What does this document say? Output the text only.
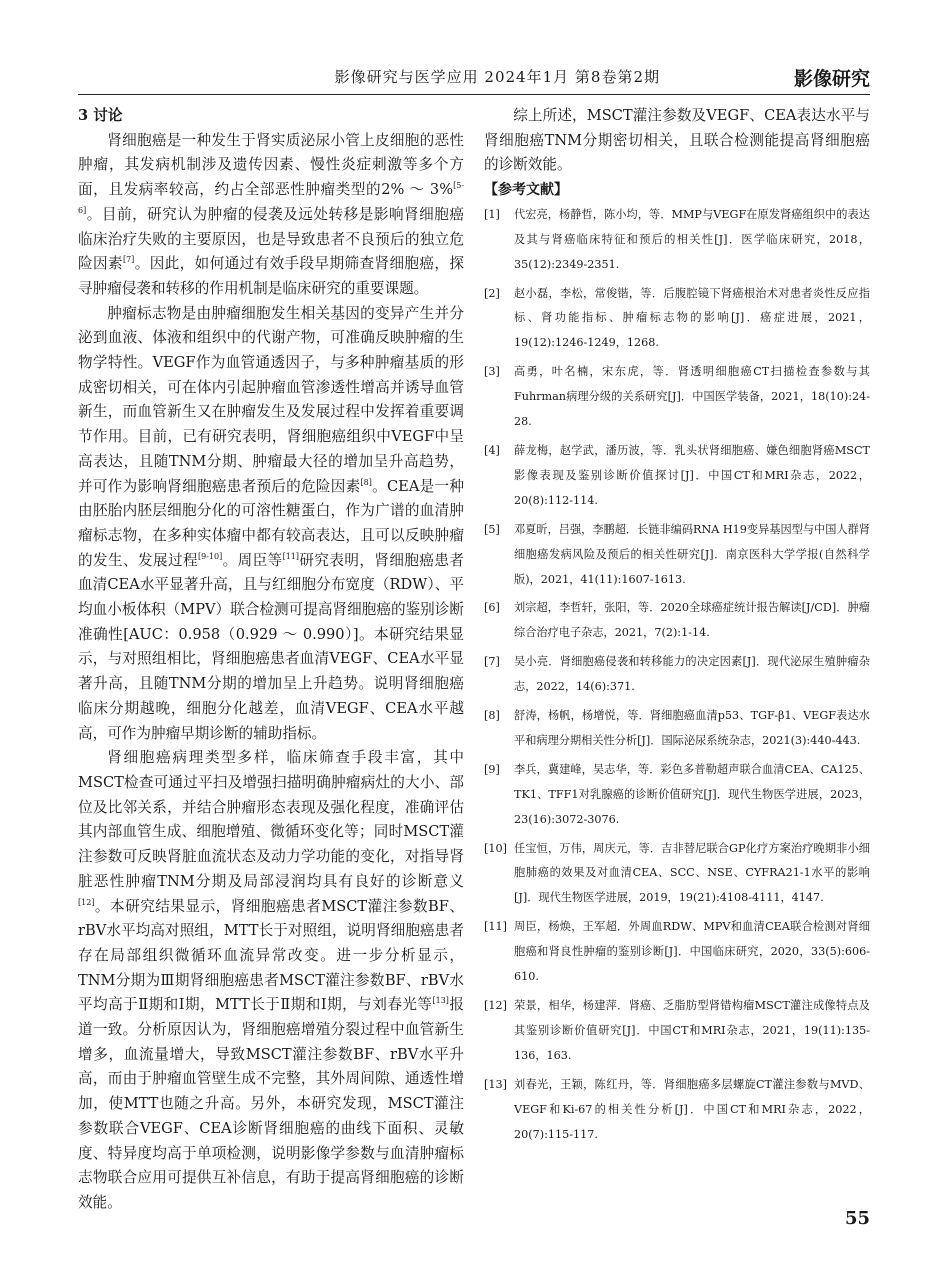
影像研究与医学应用 2024年1月 第8卷第2期	影像研究

3 讨论

肾细胞癌是一种发生于肾实质泌尿小管上皮细胞的恶性肿瘤，其发病机制涉及遗传因素、慢性炎症刺激等多个方面，且发病率较高，约占全部恶性肿瘤类型的2% ～ 3%[5-6]。目前，研究认为肿瘤的侵袭及远处转移是影响肾细胞癌临床治疗失败的主要原因，也是导致患者不良预后的独立危险因素[7]。因此，如何通过有效手段早期筛查肾细胞癌，探寻肿瘤侵袭和转移的作用机制是临床研究的重要课题。

肿瘤标志物是由肿瘤细胞发生相关基因的变异产生并分泌到血液、体液和组织中的代谢产物，可准确反映肿瘤的生物学特性。VEGF作为血管通透因子，与多种肿瘤基质的形成密切相关，可在体内引起肿瘤血管渗透性增高并诱导血管新生，而血管新生又在肿瘤发生及发展过程中发挥着重要调节作用。目前，已有研究表明，肾细胞癌组织中VEGF中呈高表达，且随TNM分期、肿瘤最大径的增加呈升高趋势，并可作为影响肾细胞癌患者预后的危险因素[8]。CEA是一种由胚胎内胚层细胞分化的可溶性糖蛋白，作为广谱的血清肿瘤标志物，在多种实体瘤中都有较高表达，且可以反映肿瘤的发生、发展过程[9-10]。周臣等[11]研究表明，肾细胞癌患者血清CEA水平显著升高，且与红细胞分布宽度（RDW）、平均血小板体积（MPV）联合检测可提高肾细胞癌的鉴别诊断准确性[AUC：0.958（0.929 ～ 0.990）]。本研究结果显示，与对照组相比，肾细胞癌患者血清VEGF、CEA水平显著升高，且随TNM分期的增加呈上升趋势。说明肾细胞癌临床分期越晚，细胞分化越差，血清VEGF、CEA水平越高，可作为肿瘤早期诊断的辅助指标。

肾细胞癌病理类型多样，临床筛查手段丰富，其中MSCT检查可通过平扫及增强扫描明确肿瘤病灶的大小、部位及比邻关系，并结合肿瘤形态表现及强化程度，准确评估其内部血管生成、细胞增殖、微循环变化等；同时MSCT灌注参数可反映肾脏血流状态及动力学功能的变化，对指导肾脏恶性肿瘤TNM分期及局部浸润均具有良好的诊断意义[12]。本研究结果显示，肾细胞癌患者MSCT灌注参数BF、rBV水平均高对照组，MTT长于对照组，说明肾细胞癌患者存在局部组织微循环血流异常改变。进一步分析显示，TNM分期为Ⅲ期肾细胞癌患者MSCT灌注参数BF、rBV水平均高于Ⅱ期和Ⅰ期，MTT长于Ⅱ期和Ⅰ期，与刘春光等[13]报道一致。分析原因认为，肾细胞癌增殖分裂过程中血管新生增多，血流量增大，导致MSCT灌注参数BF、rBV水平升高，而由于肿瘤血管壁生成不完整，其外周间隙、通透性增加，使MTT也随之升高。另外，本研究发现，MSCT灌注参数联合VEGF、CEA诊断肾细胞癌的曲线下面积、灵敏度、特异度均高于单项检测，说明影像学参数与血清肿瘤标志物联合应用可提供互补信息，有助于提高肾细胞癌的诊断效能。

综上所述，MSCT灌注参数及VEGF、CEA表达水平与肾细胞癌TNM分期密切相关，且联合检测能提高肾细胞癌的诊断效能。

【参考文献】

[1]	代宏亮，杨静哲，陈小均，等．MMP与VEGF在原发肾癌组织中的表达及其与肾癌临床特征和预后的相关性[J]．医学临床研究，2018，35(12):2349-2351.
[2]	赵小磊，李松，常俊锴，等．后腹腔镜下肾癌根治术对患者炎性反应指标、肾功能指标、肿瘤标志物的影响[J]．癌症进展，2021，19(12):1246-1249，1268.
[3]	高勇，叶名楠，宋东虎，等．肾透明细胞癌CT扫描检查参数与其Fuhrman病理分级的关系研究[J]．中国医学装备，2021，18(10):24-28.
[4]	薛龙梅，赵学武，潘历波，等．乳头状肾细胞癌、嫌色细胞肾癌MSCT影像表现及鉴别诊断价值探讨[J]．中国CT和MRI杂志，2022，20(8):112-114.
[5]	邓夏昕，吕强，李鹏超．长链非编码RNA H19变异基因型与中国人群肾细胞癌发病风险及预后的相关性研究[J]．南京医科大学学报(自然科学版)，2021，41(11):1607-1613.
[6]	刘宗超，李哲轩，张阳，等．2020全球癌症统计报告解读[J/CD]．肿瘤综合治疗电子杂志，2021，7(2):1-14.
[7]	吴小亮．肾细胞癌侵袭和转移能力的决定因素[J]．现代泌尿生殖肿瘤杂志，2022，14(6):371.
[8]	舒涛，杨帆，杨增悦，等．肾细胞癌血清p53、TGF-β1、VEGF表达水平和病理分期相关性分析[J]．国际泌尿系统杂志，2021(3):440-443.
[9]	李兵，冀建峰，吴志华，等．彩色多普勒超声联合血清CEA、CA125、TK1、TFF1对乳腺癌的诊断价值研究[J]．现代生物医学进展，2023，23(16):3072-3076.
[10] 任宝恒，万伟，周庆元，等．吉非替尼联合GP化疗方案治疗晚期非小细胞肺癌的效果及对血清CEA、SCC、NSE、CYFRA21-1水平的影响[J]．现代生物医学进展，2019，19(21):4108-4111，4147.
[11] 周臣，杨焕，王军超．外周血RDW、MPV和血清CEA联合检测对肾细胞癌和肾良性肿瘤的鉴别诊断[J]．中国临床研究，2020，33(5):606-610.
[12] 荣景，相华，杨建萍．肾癌、乏脂肪型肾错构瘤MSCT灌注成像特点及其鉴别诊断价值研究[J]．中国CT和MRI杂志，2021，19(11):135-136，163.
[13] 刘春光，王颖，陈红丹，等．肾细胞癌多层螺旋CT灌注参数与MVD、VEGF和Ki-67的相关性分析[J]．中国CT和MRI杂志，2022，20(7):115-117.
55
